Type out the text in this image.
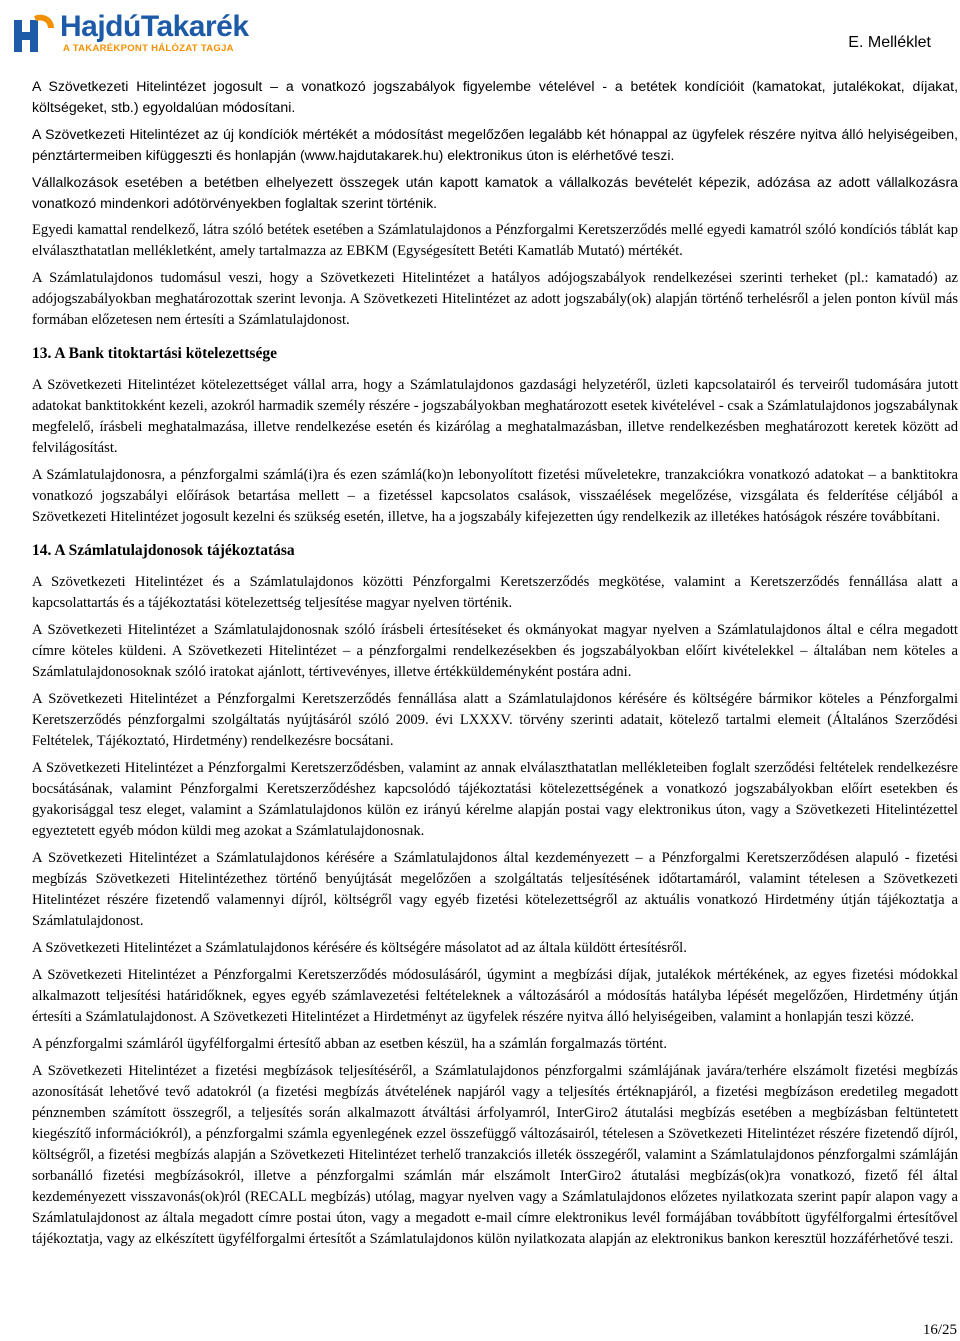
HajdúTakarék
A TAKARÉKPONT HÁLÓZAT TAGJA	E. Melléklet

A Szövetkezeti Hitelintézet jogosult – a vonatkozó jogszabályok figyelembe vételével - a betétek kondícióit (kamatokat, jutalékokat, díjakat, költségeket, stb.) egyoldalúan módosítani.

A Szövetkezeti Hitelintézet az új kondíciók mértékét a módosítást megelőzően legalább két hónappal az ügyfelek részére nyitva álló helyiségeiben, pénztártermeiben kifüggeszti és honlapján (www.hajdutakarek.hu) elektronikus úton is elérhetővé teszi.

Vállalkozások esetében a betétben elhelyezett összegek után kapott kamatok a vállalkozás bevételét képezik, adózása az adott vállalkozásra vonatkozó mindenkori adótörvényekben foglaltak szerint történik.

Egyedi kamattal rendelkező, látra szóló betétek esetében a Számlatulajdonos a Pénzforgalmi Keretszerződés mellé egyedi kamatról szóló kondíciós táblát kap elválaszthatatlan mellékletként, amely tartalmazza az EBKM (Egységesített Betéti Kamatláb Mutató) mértékét.

A Számlatulajdonos tudomásul veszi, hogy a Szövetkezeti Hitelintézet a hatályos adójogszabályok rendelkezései szerinti terheket (pl.: kamatadó) az adójogszabályokban meghatározottak szerint levonja. A Szövetkezeti Hitelintézet az adott jogszabály(ok) alapján történő terhelésről a jelen ponton kívül más formában előzetesen nem értesíti a Számlatulajdonost.

13. A Bank titoktartási kötelezettsége

A Szövetkezeti Hitelintézet kötelezettséget vállal arra, hogy a Számlatulajdonos gazdasági helyzetéről, üzleti kapcsolatairól és terveiről tudomására jutott adatokat banktitokként kezeli, azokról harmadik személy részére - jogszabályokban meghatározott esetek kivételével - csak a Számlatulajdonos jogszabálynak megfelelő, írásbeli meghatalmazása, illetve rendelkezése esetén és kizárólag a meghatalmazásban, illetve rendelkezésben meghatározott keretek között ad felvilágosítást.

A Számlatulajdonosra, a pénzforgalmi számlá(i)ra és ezen számlá(ko)n lebonyolított fizetési műveletekre, tranzakciókra vonatkozó adatokat – a banktitokra vonatkozó jogszabályi előírások betartása mellett – a fizetéssel kapcsolatos csalások, visszaélések megelőzése, vizsgálata és felderítése céljából a Szövetkezeti Hitelintézet jogosult kezelni és szükség esetén, illetve, ha a jogszabály kifejezetten úgy rendelkezik az illetékes hatóságok részére továbbítani.

14. A Számlatulajdonosok tájékoztatása

A Szövetkezeti Hitelintézet és a Számlatulajdonos közötti Pénzforgalmi Keretszerződés megkötése, valamint a Keretszerződés fennállása alatt a kapcsolattartás és a tájékoztatási kötelezettség teljesítése magyar nyelven történik.

A Szövetkezeti Hitelintézet a Számlatulajdonosnak szóló írásbeli értesítéseket és okmányokat magyar nyelven a Számlatulajdonos által e célra megadott címre köteles küldeni. A Szövetkezeti Hitelintézet – a pénzforgalmi rendelkezésekben és jogszabályokban előírt kivételekkel – általában nem köteles a Számlatulajdonosoknak szóló iratokat ajánlott, tértivevényes, illetve értékküldeményként postára adni.

A Szövetkezeti Hitelintézet a Pénzforgalmi Keretszerződés fennállása alatt a Számlatulajdonos kérésére és költségére bármikor köteles a Pénzforgalmi Keretszerződés pénzforgalmi szolgáltatás nyújtásáról szóló 2009. évi LXXXV. törvény szerinti adatait, kötelező tartalmi elemeit (Általános Szerződési Feltételek, Tájékoztató, Hirdetmény) rendelkezésre bocsátani.

A Szövetkezeti Hitelintézet a Pénzforgalmi Keretszerződésben, valamint az annak elválaszthatatlan mellékleteiben foglalt szerződési feltételek rendelkezésre bocsátásának, valamint Pénzforgalmi Keretszerződéshez kapcsolódó tájékoztatási kötelezettségének a vonatkozó jogszabályokban előírt esetekben és gyakorisággal tesz eleget, valamint a Számlatulajdonos külön ez irányú kérelme alapján postai vagy elektronikus úton, vagy a Szövetkezeti Hitelintézettel egyeztetett egyéb módon küldi meg azokat a Számlatulajdonosnak.

A Szövetkezeti Hitelintézet a Számlatulajdonos kérésére a Számlatulajdonos által kezdeményezett – a Pénzforgalmi Keretszerződésen alapuló - fizetési megbízás Szövetkezeti Hitelintézethez történő benyújtását megelőzően a szolgáltatás teljesítésének időtartamáról, valamint tételesen a Szövetkezeti Hitelintézet részére fizetendő valamennyi díjról, költségről vagy egyéb fizetési kötelezettségről az aktuális vonatkozó Hirdetmény útján tájékoztatja a Számlatulajdonost.

A Szövetkezeti Hitelintézet a Számlatulajdonos kérésére és költségére másolatot ad az általa küldött értesítésről.

A Szövetkezeti Hitelintézet a Pénzforgalmi Keretszerződés módosulásáról, úgymint a megbízási díjak, jutalékok mértékének, az egyes fizetési módokkal alkalmazott teljesítési határidőknek, egyes egyéb számlavezetési feltételeknek a változásáról a módosítás hatályba lépését megelőzően, Hirdetmény útján értesíti a Számlatulajdonost. A Szövetkezeti Hitelintézet a Hirdetményt az ügyfelek részére nyitva álló helyiségeiben, valamint a honlapján teszi közzé.

A pénzforgalmi számláról ügyfélforgalmi értesítő abban az esetben készül, ha a számlán forgalmazás történt.

A Szövetkezeti Hitelintézet a fizetési megbízások teljesítéséről, a Számlatulajdonos pénzforgalmi számlájának javára/terhére elszámolt fizetési megbízás azonosítását lehetővé tevő adatokról (a fizetési megbízás átvételének napjáról vagy a teljesítés értéknapjáról, a fizetési megbízáson eredetileg megadott pénznemben számított összegről, a teljesítés során alkalmazott átváltási árfolyamról, InterGiro2 átutalási megbízás esetében a megbízásban feltüntetett kiegészítő információkról), a pénzforgalmi számla egyenlegének ezzel összefüggő változásairól, tételesen a Szövetkezeti Hitelintézet részére fizetendő díjról, költségről, a fizetési megbízás alapján a Szövetkezeti Hitelintézet terhelő tranzakciós illeték összegéről, valamint a Számlatulajdonos pénzforgalmi számláján sorbanálló fizetési megbízásokról, illetve a pénzforgalmi számlán már elszámolt InterGiro2 átutalási megbízás(ok)ra vonatkozó, fizető fél által kezdeményezett visszavonás(ok)ról (RECALL megbízás) utólag, magyar nyelven vagy a Számlatulajdonos előzetes nyilatkozata szerint papír alapon vagy a Számlatulajdonost az általa megadott címre postai úton, vagy a megadott e-mail címre elektronikus levél formájában továbbított ügyfélforgalmi értesítővel tájékoztatja, vagy az elkészített ügyfélforgalmi értesítőt a Számlatulajdonos külön nyilatkozata alapján az elektronikus bankon keresztül hozzáférhetővé teszi.

16/25
